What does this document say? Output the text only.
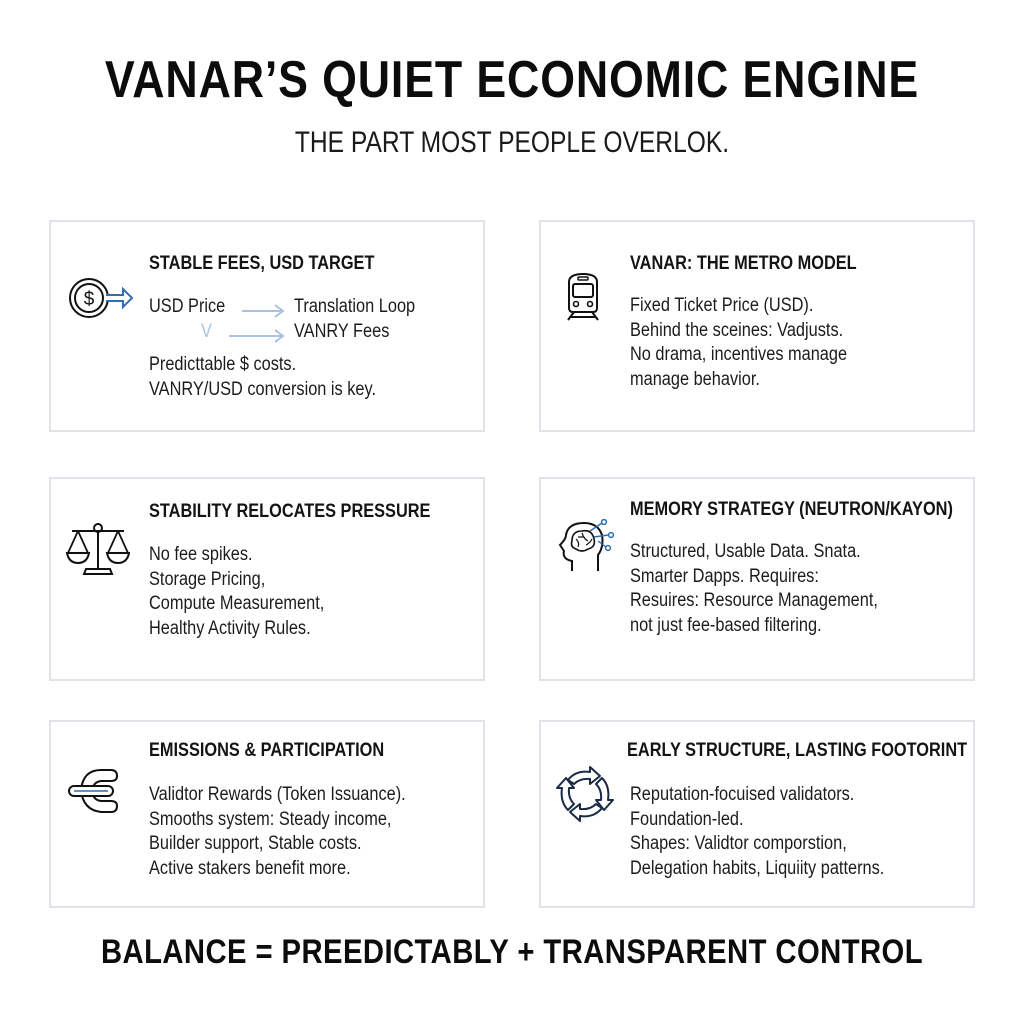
VANAR’S QUIET ECONOMIC ENGINE
THE PART MOST PEOPLE OVERLOK.
$
STABLE FEES, USD TARGET
USD Price	Translation Loop
V	VANRY Fees
Predicttable $ costs.
VANRY/USD conversion is key.
VANAR: THE METRO MODEL
Fixed Ticket Price (USD).
Behind the sceines: Vadjusts.
No drama, incentives manage
manage behavior.
STABILITY RELOCATES PRESSURE
No fee spikes.
Storage Pricing,
Compute Measurement,
Healthy Activity Rules.
MEMORY STRATEGY (NEUTRON/KAYON)
Structured, Usable Data. Snata.
Smarter Dapps. Requires:
Resuires: Resource Management,
not just fee-based filtering.
EMISSIONS & PARTICIPATION
Validtor Rewards (Token Issuance).
Smooths system: Steady income,
Builder support, Stable costs.
Active stakers benefit more.
EARLY STRUCTURE, LASTING FOOTORINT
Reputation-focuised validators.
Foundation-led.
Shapes: Validtor comporstion,
Delegation habits, Liquiity patterns.
BALANCE = PREEDICTABLY + TRANSPARENT CONTROL
